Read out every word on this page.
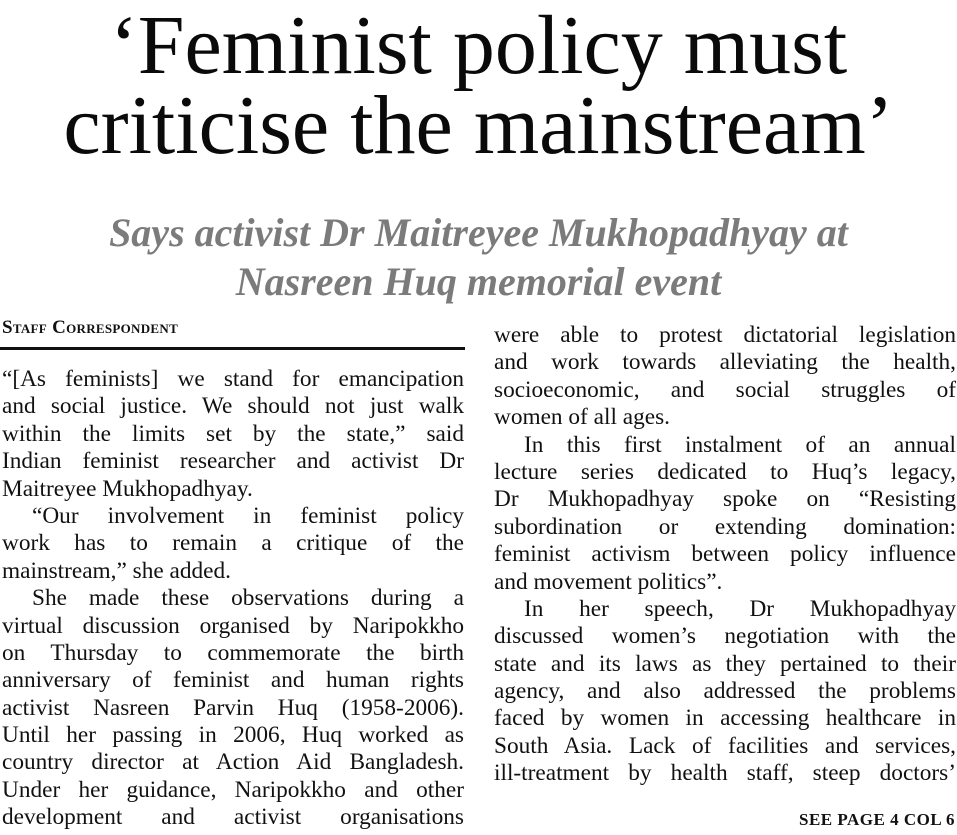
‘Feminist policy must
criticise the mainstream’
Says activist Dr Maitreyee Mukhopadhyay at
Nasreen Huq memorial event
Staff Correspondent
“[As feminists] we stand for emancipation
and social justice. We should not just walk
within the limits set by the state,” said
Indian feminist researcher and activist Dr
Maitreyee Mukhopadhyay.
“Our involvement in feminist policy
work has to remain a critique of the
mainstream,” she added.
She made these observations during a
virtual discussion organised by Naripokkho
on Thursday to commemorate the birth
anniversary of feminist and human rights
activist Nasreen Parvin Huq (1958-2006).
Until her passing in 2006, Huq worked as
country director at Action Aid Bangladesh.
Under her guidance, Naripokkho and other
development and activist organisations
were able to protest dictatorial legislation
and work towards alleviating the health,
socioeconomic, and social struggles of
women of all ages.
In this first instalment of an annual
lecture series dedicated to Huq’s legacy,
Dr Mukhopadhyay spoke on “Resisting
subordination or extending domination:
feminist activism between policy influence
and movement politics”.
In her speech, Dr Mukhopadhyay
discussed women’s negotiation with the
state and its laws as they pertained to their
agency, and also addressed the problems
faced by women in accessing healthcare in
South Asia. Lack of facilities and services,
ill-treatment by health staff, steep doctors’
SEE PAGE 4 COL 6
